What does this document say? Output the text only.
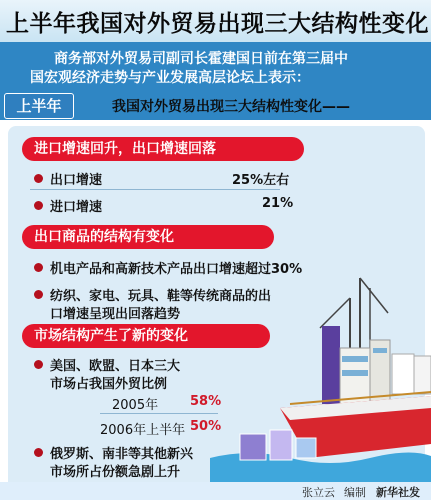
上半年我国对外贸易出现三大结构性变化
商务部对外贸易司副司长霍建国日前在第三届中
国宏观经济走势与产业发展高层论坛上表示：
上半年	我国对外贸易出现三大结构性变化——
进口增速回升，出口增速回落
出口增速	25%左右
进口增速	21%
出口商品的结构有变化
机电产品和高新技术产品出口增速超过30%
纺织、家电、玩具、鞋等传统商品的出
口增速呈现出回落趋势
市场结构产生了新的变化
美国、欧盟、日本三大
市场占我国外贸比例
2005年 58%
2006年上半年 50%
俄罗斯、南非等其他新兴
市场所占份额急剧上升
张立云 编制 新华社发
